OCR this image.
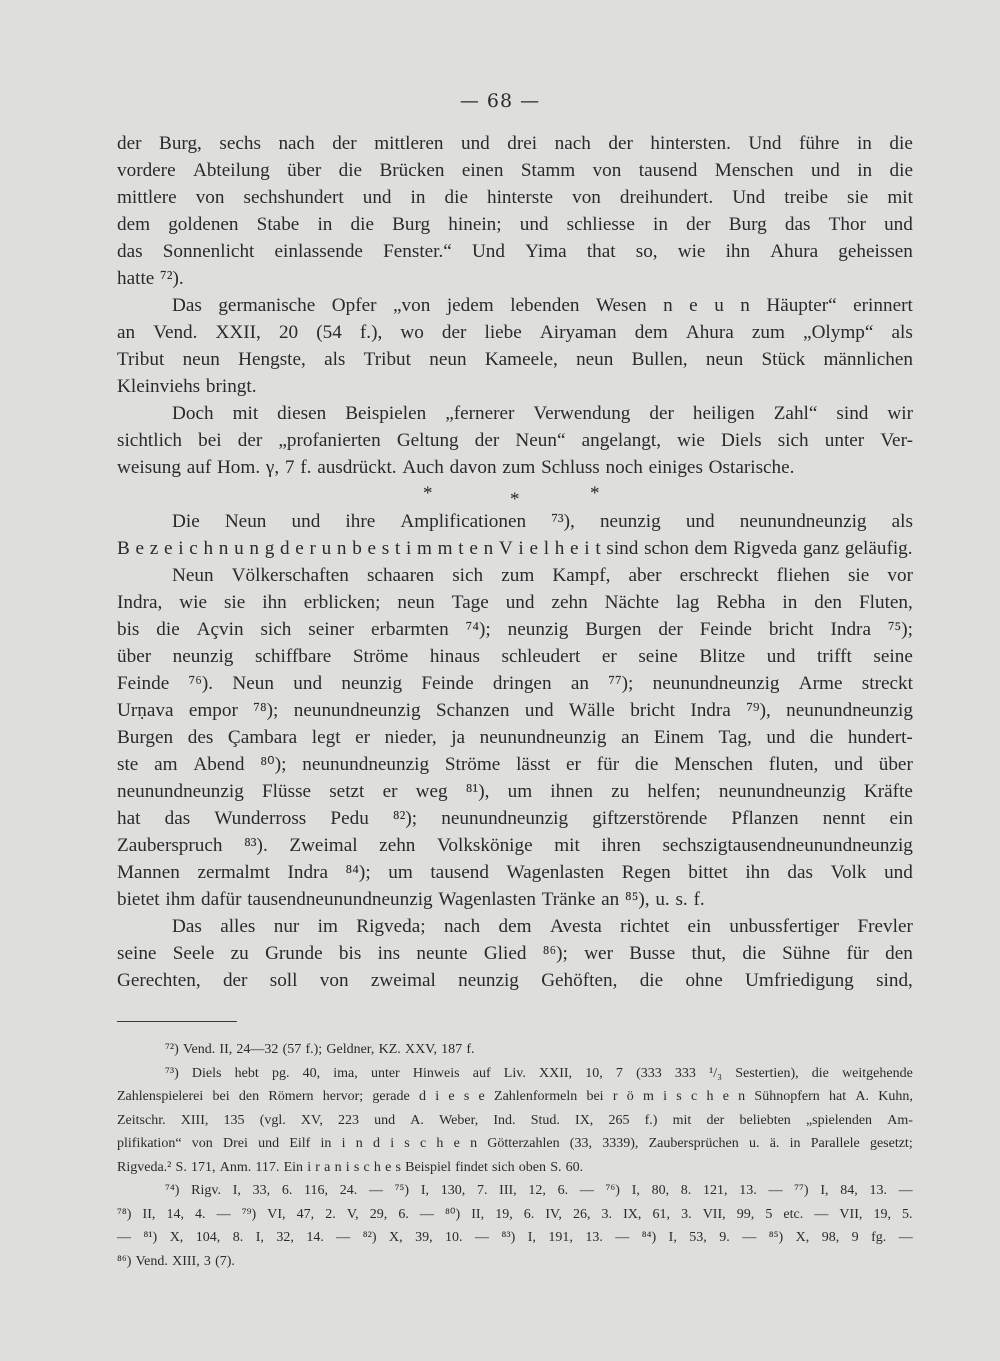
— 68 —
der Burg, sechs nach der mittleren und drei nach der hintersten. Und führe in die
vordere Abteilung über die Brücken einen Stamm von tausend Menschen und in die
mittlere von sechshundert und in die hinterste von dreihundert. Und treibe sie mit
dem goldenen Stabe in die Burg hinein; und schliesse in der Burg das Thor und
das Sonnenlicht einlassende Fenster.“ Und Yima that so, wie ihn Ahura geheissen
hatte ⁷²).
Das germanische Opfer „von jedem lebenden Wesen n e u n Häupter“ erinnert
an Vend. XXII, 20 (54 f.), wo der liebe Airyaman dem Ahura zum „Olymp“ als
Tribut neun Hengste, als Tribut neun Kameele, neun Bullen, neun Stück männlichen
Kleinviehs bringt.
Doch mit diesen Beispielen „fernerer Verwendung der heiligen Zahl“ sind wir
sichtlich bei der „profanierten Geltung der Neun“ angelangt, wie Diels sich unter Ver-
weisung auf Hom. γ, 7 f. ausdrückt. Auch davon zum Schluss noch einiges Ostarische.
*	*	*
Die Neun und ihre Amplificationen ⁷³), neunzig und neunundneunzig als
B e z e i c h n u n g d e r u n b e s t i m m t e n V i e l h e i t sind schon dem Rigveda ganz geläufig.
Neun Völkerschaften schaaren sich zum Kampf, aber erschreckt fliehen sie vor
Indra, wie sie ihn erblicken; neun Tage und zehn Nächte lag Rebha in den Fluten,
bis die Açvin sich seiner erbarmten ⁷⁴); neunzig Burgen der Feinde bricht Indra ⁷⁵);
über neunzig schiffbare Ströme hinaus schleudert er seine Blitze und trifft seine
Feinde ⁷⁶). Neun und neunzig Feinde dringen an ⁷⁷); neunundneunzig Arme streckt
Urṇava empor ⁷⁸); neunundneunzig Schanzen und Wälle bricht Indra ⁷⁹), neunundneunzig
Burgen des Çambara legt er nieder, ja neunundneunzig an Einem Tag, und die hundert-
ste am Abend ⁸⁰); neunundneunzig Ströme lässt er für die Menschen fluten, und über
neunundneunzig Flüsse setzt er weg ⁸¹), um ihnen zu helfen; neunundneunzig Kräfte
hat das Wunderross Pedu ⁸²); neunundneunzig giftzerstörende Pflanzen nennt ein
Zauberspruch ⁸³). Zweimal zehn Volkskönige mit ihren sechszigtausendneunundneunzig
Mannen zermalmt Indra ⁸⁴); um tausend Wagenlasten Regen bittet ihn das Volk und
bietet ihm dafür tausendneunundneunzig Wagenlasten Tränke an ⁸⁵), u. s. f.
Das alles nur im Rigveda; nach dem Avesta richtet ein unbussfertiger Frevler
seine Seele zu Grunde bis ins neunte Glied ⁸⁶); wer Busse thut, die Sühne für den
Gerechten, der soll von zweimal neunzig Gehöften, die ohne Umfriedigung sind,
⁷²) Vend. II, 24—32 (57 f.); Geldner, KZ. XXV, 187 f.
⁷³) Diels hebt pg. 40, ima, unter Hinweis auf Liv. XXII, 10, 7 (333 333 ¹/₃ Sestertien), die weitgehende
Zahlenspielerei bei den Römern hervor; gerade d i e s e Zahlenformeln bei r ö m i s c h e n Sühnopfern hat A. Kuhn,
Zeitschr. XIII, 135 (vgl. XV, 223 und A. Weber, Ind. Stud. IX, 265 f.) mit der beliebten „spielenden Am-
plifikation“ von Drei und Eilf in i n d i s c h e n Götterzahlen (33, 3339), Zaubersprüchen u. ä. in Parallele gesetzt;
Rigveda.² S. 171, Anm. 117. Ein i r a n i s c h e s Beispiel findet sich oben S. 60.
⁷⁴) Rigv. I, 33, 6. 116, 24. — ⁷⁵) I, 130, 7. III, 12, 6. — ⁷⁶) I, 80, 8. 121, 13. — ⁷⁷) I, 84, 13. —
⁷⁸) II, 14, 4. — ⁷⁹) VI, 47, 2. V, 29, 6. — ⁸⁰) II, 19, 6. IV, 26, 3. IX, 61, 3. VII, 99, 5 etc. — VII, 19, 5.
— ⁸¹) X, 104, 8. I, 32, 14. — ⁸²) X, 39, 10. — ⁸³) I, 191, 13. — ⁸⁴) I, 53, 9. — ⁸⁵) X, 98, 9 fg. —
⁸⁶) Vend. XIII, 3 (7).
